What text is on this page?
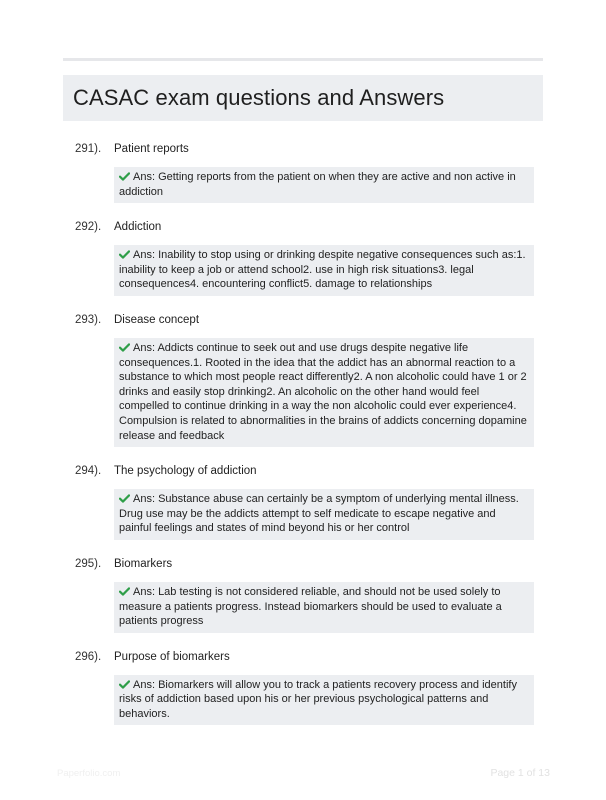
CASAC exam questions and Answers
291).	Patient reports
Ans: Getting reports from the patient on when they are active and non active in addiction
292).	Addiction
Ans: Inability to stop using or drinking despite negative consequences such as:1. inability to keep a job or attend school2. use in high risk situations3. legal consequences4. encountering conflict5. damage to relationships
293).	Disease concept
Ans: Addicts continue to seek out and use drugs despite negative life consequences.1. Rooted in the idea that the addict has an abnormal reaction to a substance to which most people react differently2. A non alcoholic could have 1 or 2 drinks and easily stop drinking2. An alcoholic on the other hand would feel compelled to continue drinking in a way the non alcoholic could ever experience4. Compulsion is related to abnormalities in the brains of addicts concerning dopamine release and feedback
294).	The psychology of addiction
Ans: Substance abuse can certainly be a symptom of underlying mental illness. Drug use may be the addicts attempt to self medicate to escape negative and painful feelings and states of mind beyond his or her control
295).	Biomarkers
Ans: Lab testing is not considered reliable, and should not be used solely to measure a patients progress. Instead biomarkers should be used to evaluate a patients progress
296).	Purpose of biomarkers
Ans: Biomarkers will allow you to track a patients recovery process and identify risks of addiction based upon his or her previous psychological patterns and behaviors.
Paperfolio.com	Page 1 of 13
